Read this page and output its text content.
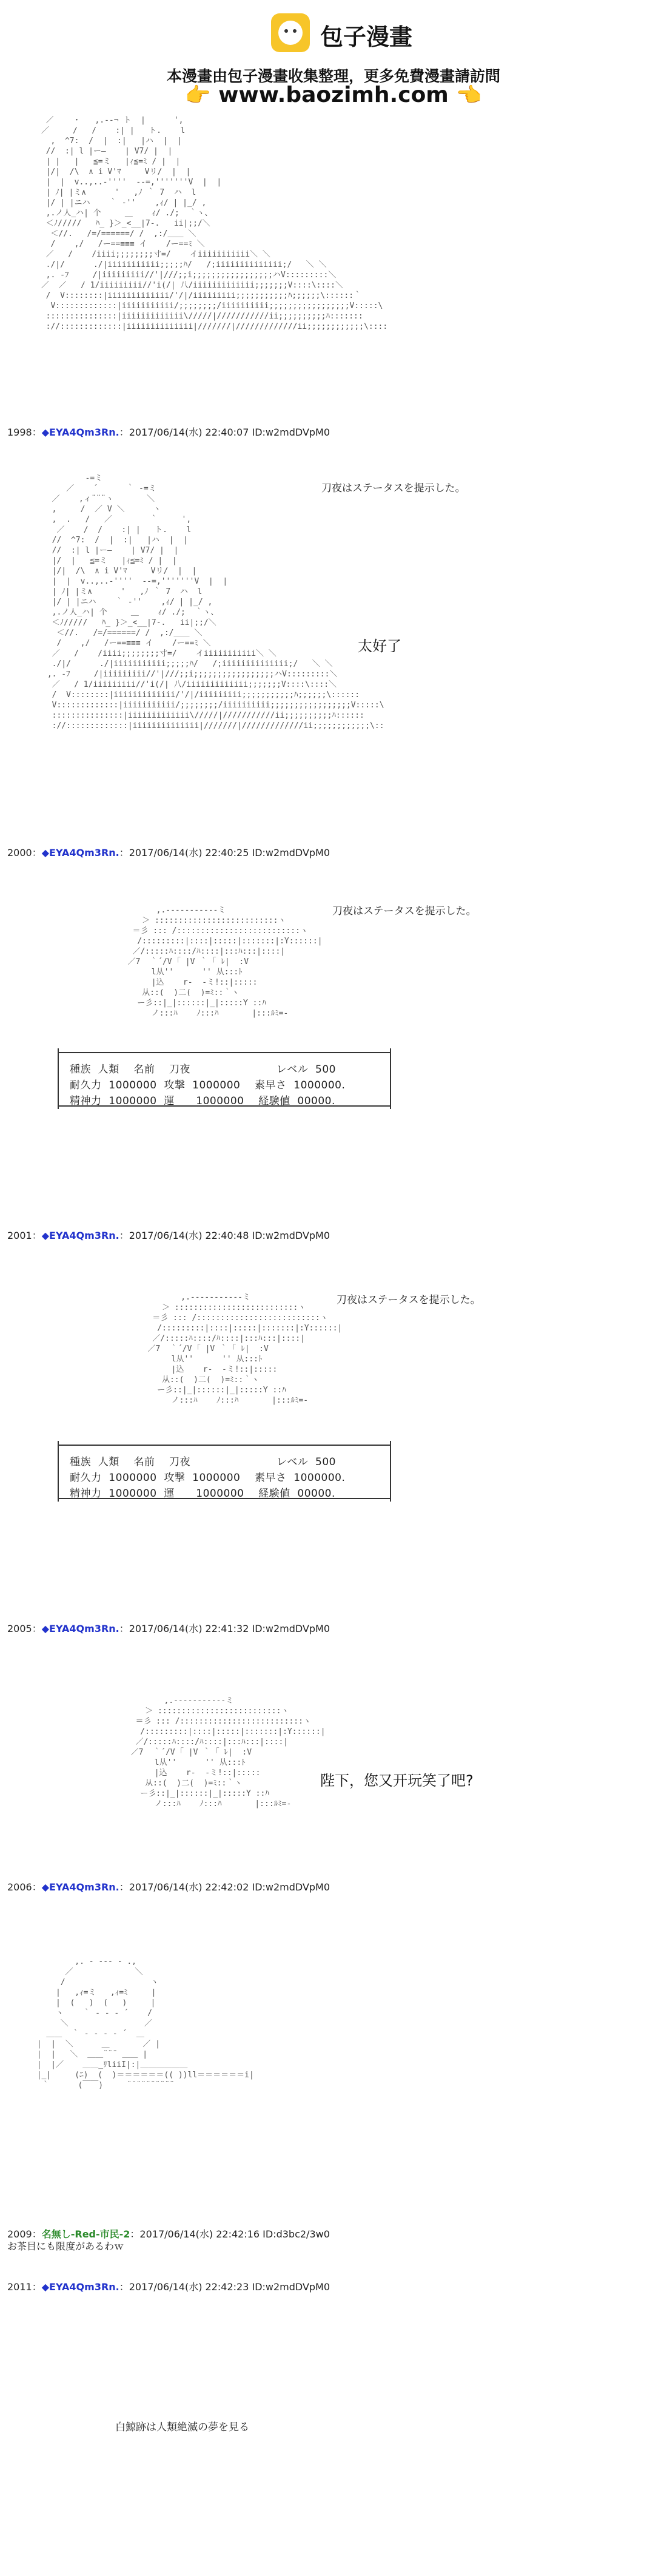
包子漫畫
本漫畫由包子漫畫收集整理，更多免費漫畫請訪問
👉 www.baozimh.com 👈
／    ・   ,.-‐¬ ト  |      ',
／     /   /    :| |   ト.    l
,  ^7:  /  |  :|   |ハ  |  |
//  :| l |ー―    | V7/ |  |
| |   |   ≦=ミ   |ｨ≦=ﾐ / |  |
|/|  /\  ∧ i V'ﾏ     Vリ/  |  |
|  |  v..,..‐''''  ‐-=,'''''''V  |  |
| ﾉ| |ミ∧      '   ,ﾉ ｀ 7  ハ  l
|/ | |ニハ    ｀ ‐''    ,ｨ/ | |_/ ,
,.ノ人_ハ| 个     ＿    ｨ/ ./;  ｀ヽ、
＜ﾉ/////   ﾊ_ }＞_<__|7-.   ii|;;/＼
＜//.   /=/======/ /  ,:/＿＿ ＼
/    ,/   /ー==≡≡≡ イ    /ー==ﾐ ＼
／   /    /iiii;;;;;;;;寸=/    イiiiiiiiiiii＼ ＼
./|/      ./|iiiiiiiiiii;;;;;ﾊ/   /;iiiiiiiiiiiiii;/   ＼ ＼
,. ‐ﾌ     /|iiiiiiiii//'|///;;i;;;;;;;;;;;;;;;;;ハV:::::::::＼
／  ／   / 1/iiiiiiiii//'i(/| 八/iiiiiiiiiiiii;;;;;;;V::::\::::＼
/  V::::::::|iiiiiiiiiiiii/'/|/iiiiiiiii;;;;;;;;;;;ﾊ;;;;;;\::::::｀
V:::::::::::::|iiiiiiiiiii/;;;;;;;;/iiiiiiiiii;;;;;;;;;;;;;;;;;V:::::\
:::::::::::::::|iiiiiiiiiiiii\/////|///////////ii;;;;;;;;;;ﾊ:::::::
://:::::::::::::|iiiiiiiiiiiiii|///////|/////////////ii;;;;;;;;;;;;\::::
1998：◆EYA4Qm3Rn.：2017/06/14(水) 22:40:07 ID:w2mdDVpM0
-=ミ
／    ´      ｀ ‐=ミ
／    ,ィ¨¨¨ヽ       ＼
,     /  ／ V ＼      ヽ
,  .   /   ／        ｀     ',
／    /  /    :| |   ト.    l
//  ^7:  /  |  :|   |ハ  |  |
//  :| l |ー―    | V7/ |  |
|/  |   ≦=ミ   |ｨ≦=ﾐ / |  |
|/|  /\  ∧ i V'ﾏ     Vリ/  |  |
|  |  v..,..‐''''  ‐-=,'''''''V  |  |
| ﾉ| |ミ∧      '   ,ﾉ ｀ 7  ハ  l
|/ | |ニハ    ｀ ‐''    ,ｨ/ | |_/ ,
,.ノ人_ハ| 个     ＿    ｨ/ ./;  ｀ヽ、
＜ﾉ/////   ﾊ_ }＞_<__|7-.   ii|;;/＼
＜//.   /=/======/ /  ,:/＿＿ ＼
/    ,/   /ー==≡≡≡ イ    /ー==ﾐ ＼
／   /    /iiii;;;;;;;;寸=/    イiiiiiiiiiii＼ ＼
./|/      ./|iiiiiiiiiii;;;;;ﾊ/   /;iiiiiiiiiiiiii;/   ＼ ＼
,. ‐ﾌ     /|iiiiiiiii//'|///;;i;;;;;;;;;;;;;;;;;ハV:::::::::＼
／   / 1/iiiiiiiii//'i(/| 八/iiiiiiiiiiiii;;;;;;;V::::\::::＼
/  V::::::::|iiiiiiiiiiiii/'/|/iiiiiiiii;;;;;;;;;;;ﾊ;;;;;;\::::::
V:::::::::::::|iiiiiiiiiii/;;;;;;;;/iiiiiiiiii;;;;;;;;;;;;;;;;;V:::::\
:::::::::::::::|iiiiiiiiiiiii\/////|///////////ii;;;;;;;;;;ﾊ::::::
://:::::::::::::|iiiiiiiiiiiiii|///////|/////////////ii;;;;;;;;;;;;\::
刀夜はステータスを提示した。
太好了
2000：◆EYA4Qm3Rn.：2017/06/14(水) 22:40:25 ID:w2mdDVpM0
刀夜はステータスを提示した。
,.-‐‐‐‐‐‐‐‐‐‐ミ
＞ ::::::::::::::::::::::::::ヽ
＝彡 ::: /::::::::::::::::::::::::::ヽ
/:::::::::|::::|:::::|:::::::|:Y::::::|
／/:::::ﾊ::::/ﾊ::::|:::ﾊ:::|::::|
／7  ｀´/V ｢ |V ｀ ｢ ﾚ|  :V
l从''      '' 从:::ﾄ
|込    r‐  ‐ミ!::|:::::
从::(  )二(  )=ﾐ::｀ヽ
ー彡::|_|::::::|_|:::::Y ::ﾊ
ノ:::ﾊ    ﾉ:::ﾊ       |:::ﾙﾐ=-
種族  人類    名前    刀夜                        レベル  500
耐久力  1000000  攻撃  1000000    素早さ  1000000.
精神力  1000000  運      1000000    経験値  00000.
2001：◆EYA4Qm3Rn.：2017/06/14(水) 22:40:48 ID:w2mdDVpM0
刀夜はステータスを提示した。
,.-‐‐‐‐‐‐‐‐‐‐ミ
＞ ::::::::::::::::::::::::::ヽ
＝彡 ::: /::::::::::::::::::::::::::ヽ
/:::::::::|::::|:::::|:::::::|:Y::::::|
／/:::::ﾊ::::/ﾊ::::|:::ﾊ:::|::::|
／7  ｀´/V ｢ |V ｀ ｢ ﾚ|  :V
l从''      '' 从:::ﾄ
|込    r‐  ‐ミ!::|:::::
从::(  )二(  )=ﾐ::｀ヽ
ー彡::|_|::::::|_|:::::Y ::ﾊ
ノ:::ﾊ    ﾉ:::ﾊ       |:::ﾙﾐ=-
種族  人類    名前    刀夜                        レベル  500
耐久力  1000000  攻撃  1000000    素早さ  1000000.
精神力  1000000  運      1000000    経験値  00000.
2005：◆EYA4Qm3Rn.：2017/06/14(水) 22:41:32 ID:w2mdDVpM0
,.-‐‐‐‐‐‐‐‐‐‐ミ
＞ ::::::::::::::::::::::::::ヽ
＝彡 ::: /::::::::::::::::::::::::::ヽ
/:::::::::|::::|:::::|:::::::|:Y::::::|
／/:::::ﾊ::::/ﾊ::::|:::ﾊ:::|::::|
／7  ｀´/V ｢ |V ｀ ｢ ﾚ|  :V
l从''      '' 从:::ﾄ
|込    r‐  ‐ミ!::|:::::
从::(  )二(  )=ﾐ::｀ヽ
ー彡::|_|::::::|_|:::::Y ::ﾊ
ノ:::ﾊ    ﾉ:::ﾊ       |:::ﾙﾐ=-
陛下，您又开玩笑了吧?
2006：◆EYA4Qm3Rn.：2017/06/14(水) 22:42:02 ID:w2mdDVpM0
,. ‐ ‐‐‐ ‐ .,
／             ＼
/                  ヽ
|   ,ｨ=ミ   ,ｨ=ﾐ     |
|  (   )  (   )     |
ヽ    ｀ ‐ ‐ ‐ ´    /
＼                ／
＿＿  ｀ ‐ ‐ ‐ ‐ ´  ＿
|  |  ＼      ＿       ／ |
|  |   ＼  ＿＿¨¨¨ ＿＿ |
|  |／    ＿＿_ﾘliiI|:|＿＿＿＿＿＿
|_|     (ﾆ)  (  )＝＝＝＝＝＝(( ))ll＝＝＝＝＝＝i|
｀      (￣￣)     ¨¨¨¨¨¨¨¨¨¨
2009：名無し‐Red‐市民‐2：2017/06/14(水) 22:42:16 ID:d3bc2/3w0
お茶目にも限度があるわｗ
2011：◆EYA4Qm3Rn.：2017/06/14(水) 22:42:23 ID:w2mdDVpM0
白鯨跡は人類絶滅の夢を見る
